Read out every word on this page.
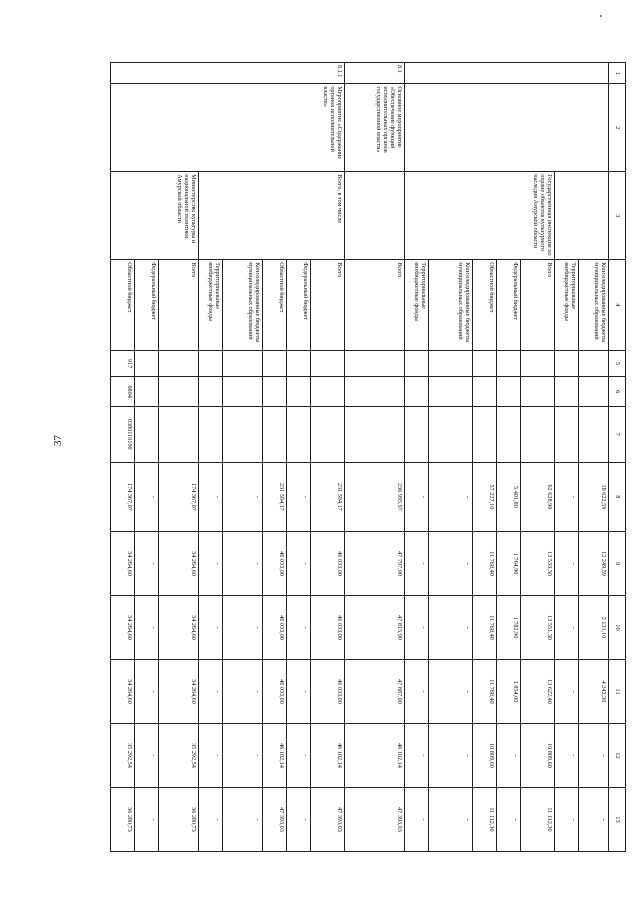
37
1	2	3	4	5	6	7	8	9	10	11	12	13
			Консолидированные бюджеты муниципальных образований				18 622,59	12 249,59	2 131,10	4 242,30	-	-
			Территориальные внебюджетные фонды				-	-	-	-	-	-
		Государственная инспекция по охране объектов культурного наследия Амурской области	Всего				62 628,90	13 533,30	13 551,30	13 622,40	10 809,60	11 112,30
			Федеральный бюджет				5 401,80	1 764,90	1 782,90	1 854,00	-	-
			Областной бюджет				57 227,10	11 768,40	11 768,40	11 768,40	10 809,60	11 112,30
			Консолидированные бюджеты муниципальных образований				-	-	-	-	-	-
			Территориальные внебюджетные фонды				-	-	-	-	-	-
8.1	Основное мероприятие «Обеспечение функций исполнительных органов государственной власти»		Всего				236 995,97	47 797,90	47 815,90	47 887,00	46 102,14	47 393,03
8.1.1	Мероприятие «Содержание органов исполнительной власти»	Всего, в том числе	Всего				231 594,17	46 033,00	46 033,00	46 033,00	46 102,14	47 393,03
			Федеральный бюджет				-	-	-	-	-	-
			Областной бюджет				231 594,17	46 033,00	46 033,00	46 033,00	46 102,14	47 393,03
			Консолидированные бюджеты муниципальных образований				-	-	-	-	-	-
			Территориальные внебюджетные фонды				-	-	-	-	-	-
		Министерство культуры и национальной политики Амурской области	Всего				174 367,07	34 264,60	34 264,60	34 264,60	35 292,54	36 280,73
			Федеральный бюджет				-	-	-	-	-	-
			Областной бюджет	917	0804	0380110190	174 367,07	34 264,60	34 264,60	34 264,60	35 292,54	36 280,73
